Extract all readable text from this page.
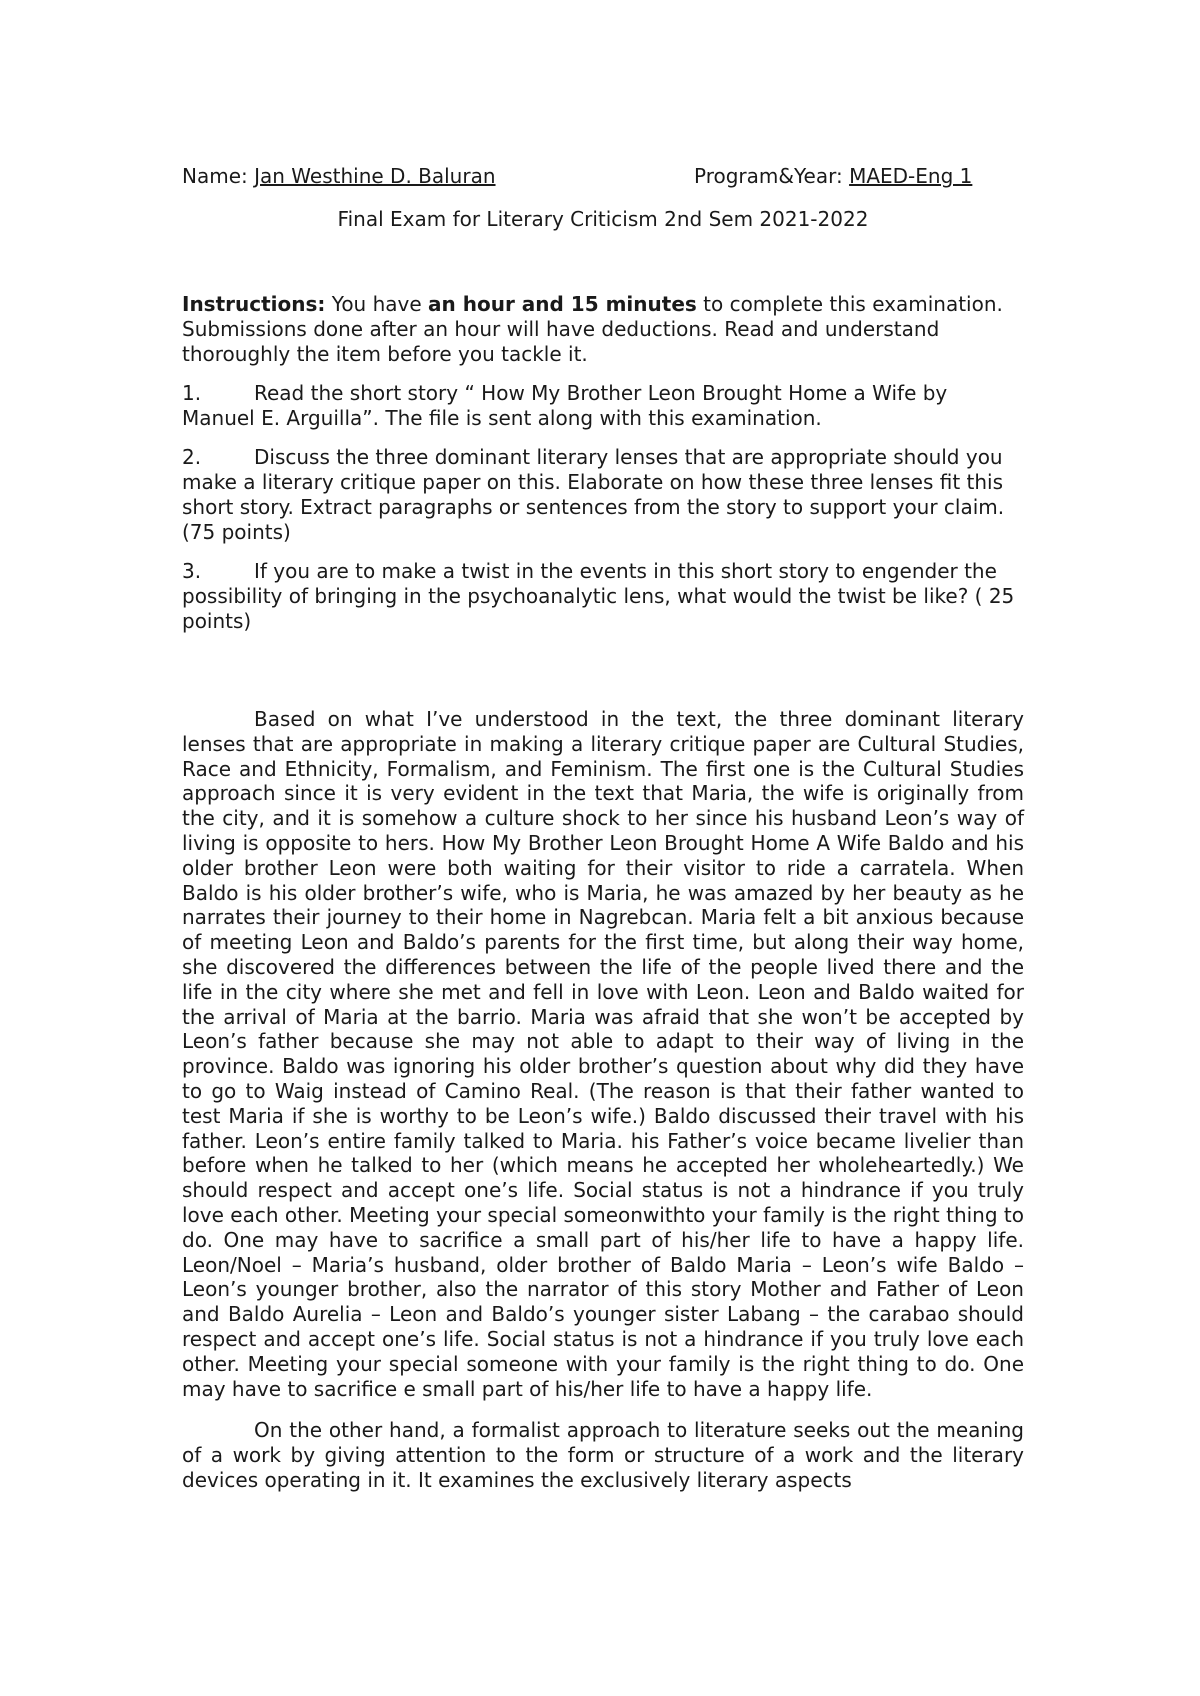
Name: Jan Westhine D. Baluran	Program&Year: MAED-Eng 1
Final Exam for Literary Criticism 2nd Sem 2021-2022

Instructions: You have an hour and 15 minutes to complete this examination. Submissions done after an hour will have deductions. Read and understand thoroughly the item before you tackle it.

1.	Read the short story “ How My Brother Leon Brought Home a Wife by Manuel E. Arguilla”. The file is sent along with this examination.
2.	Discuss the three dominant literary lenses that are appropriate should you make a literary critique paper on this. Elaborate on how these three lenses fit this short story. Extract paragraphs or sentences from the story to support your claim. (75 points)
3.	If you are to make a twist in the events in this short story to engender the possibility of bringing in the psychoanalytic lens, what would the twist be like? ( 25 points)

Based on what I’ve understood in the text, the three dominant literary lenses that are appropriate in making a literary critique paper are Cultural Studies, Race and Ethnicity, Formalism, and Feminism. The first one is the Cultural Studies approach since it is very evident in the text that Maria, the wife is originally from the city, and it is somehow a culture shock to her since his husband Leon’s way of living is opposite to hers. How My Brother Leon Brought Home A Wife Baldo and his older brother Leon were both waiting for their visitor to ride a carratela. When Baldo is his older brother’s wife, who is Maria, he was amazed by her beauty as he narrates their journey to their home in Nagrebcan. Maria felt a bit anxious because of meeting Leon and Baldo’s parents for the first time, but along their way home, she discovered the differences between the life of the people lived there and the life in the city where she met and fell in love with Leon. Leon and Baldo waited for the arrival of Maria at the barrio. Maria was afraid that she won’t be accepted by Leon’s father because she may not able to adapt to their way of living in the province. Baldo was ignoring his older brother’s question about why did they have to go to Waig instead of Camino Real. (The reason is that their father wanted to test Maria if she is worthy to be Leon’s wife.) Baldo discussed their travel with his father. Leon’s entire family talked to Maria. his Father’s voice became livelier than before when he talked to her (which means he accepted her wholeheartedly.) We should respect and accept one’s life. Social status is not a hindrance if you truly love each other. Meeting your special someonwithto your family is the right thing to do. One may have to sacrifice a small part of his/her life to have a happy life. Leon/Noel – Maria’s husband, older brother of Baldo Maria – Leon’s wife Baldo – Leon’s younger brother, also the narrator of this story Mother and Father of Leon and Baldo Aurelia – Leon and Baldo’s younger sister Labang – the carabao should respect and accept one’s life. Social status is not a hindrance if you truly love each other. Meeting your special someone with your family is the right thing to do. One may have to sacrifice e small part of his/her life to have a happy life.

On the other hand, a formalist approach to literature seeks out the meaning of a work by giving attention to the form or structure of a work and the literary devices operating in it. It examines the exclusively literary aspects
